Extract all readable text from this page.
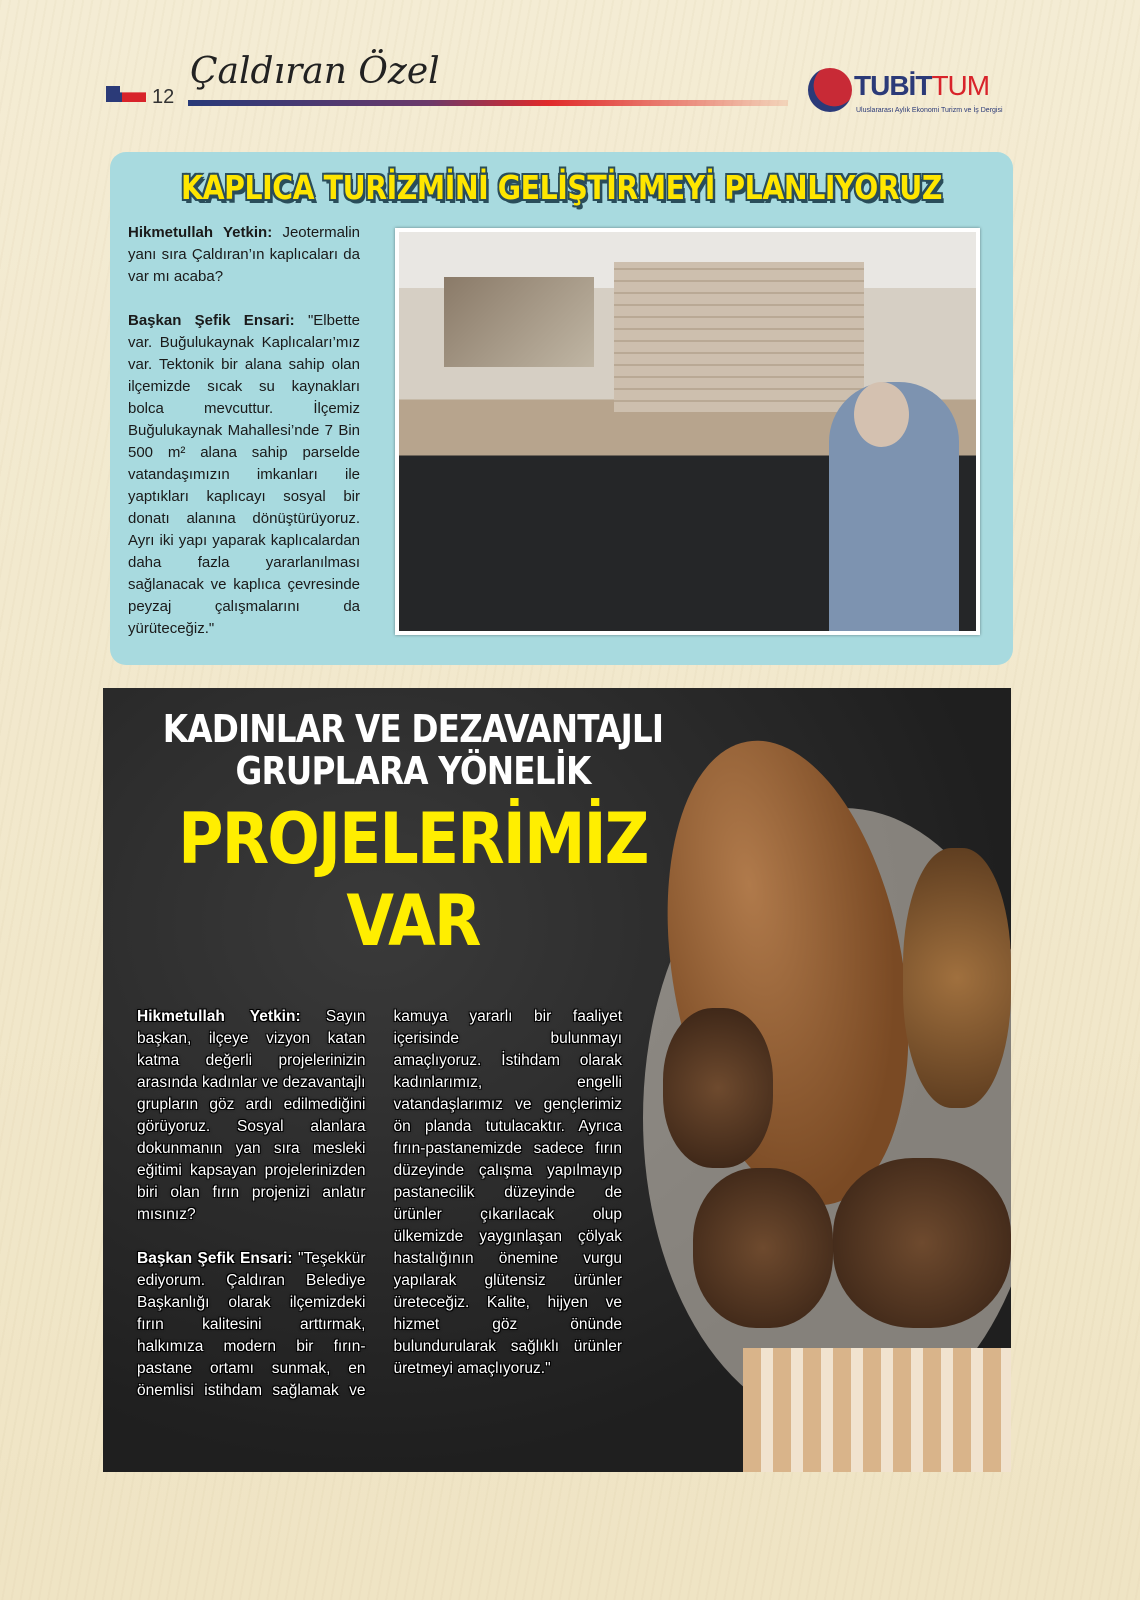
12
Çaldıran Özel	TUBİTTUM
Uluslararası Aylık Ekonomi Turizm ve İş Dergisi
KAPLICA TURİZMİNİ GELİŞTİRMEYİ PLANLIYORUZ

Hikmetullah Yetkin: Jeotermalin yanı sıra Çaldıran’ın kaplıcaları da var mı acaba?

Başkan Şefik Ensari: "Elbette var. Buğulukaynak Kaplıcaları’mız var. Tektonik bir alana sahip olan ilçemizde sıcak su kaynakları bolca mevcuttur. İlçemiz Buğulukaynak Mahallesi’nde 7 Bin 500 m² alana sahip parselde vatandaşımızın imkanları ile yaptıkları kaplıcayı sosyal bir donatı alanına dönüştürüyoruz. Ayrı iki yapı yaparak kaplıcalardan daha fazla yararlanılması sağlanacak ve kaplıca çevresinde peyzaj çalışmalarını da yürüteceğiz."

KADINLAR VE DEZAVANTAJLI
GRUPLARA YÖNELİK
PROJELERİMİZ
VAR

Hikmetullah Yetkin: Sayın başkan, ilçeye vizyon katan katma değerli projelerinizin arasında kadınlar ve dezavantajlı grupların göz ardı edilmediğini görüyoruz. Sosyal alanlara dokunmanın yan sıra mesleki eğitimi kapsayan projelerinizden biri olan fırın projenizi anlatır mısınız?

Başkan Şefik Ensari: "Teşekkür ediyorum. Çaldıran Belediye Başkanlığı olarak ilçemizdeki fırın kalitesini arttırmak, halkımıza modern bir fırın-pastane ortamı sunmak, en önemlisi istihdam sağlamak ve kamuya yararlı bir faaliyet içerisinde bulunmayı amaçlıyoruz. İstihdam olarak kadınlarımız, engelli vatandaşlarımız ve gençlerimiz ön planda tutulacaktır. Ayrıca fırın-pastanemizde sadece fırın düzeyinde çalışma yapılmayıp pastanecilik düzeyinde de ürünler çıkarılacak olup ülkemizde yaygınlaşan çölyak hastalığının önemine vurgu yapılarak glütensiz ürünler üreteceğiz. Kalite, hijyen ve hizmet göz önünde bulundurularak sağlıklı ürünler üretmeyi amaçlıyoruz."
